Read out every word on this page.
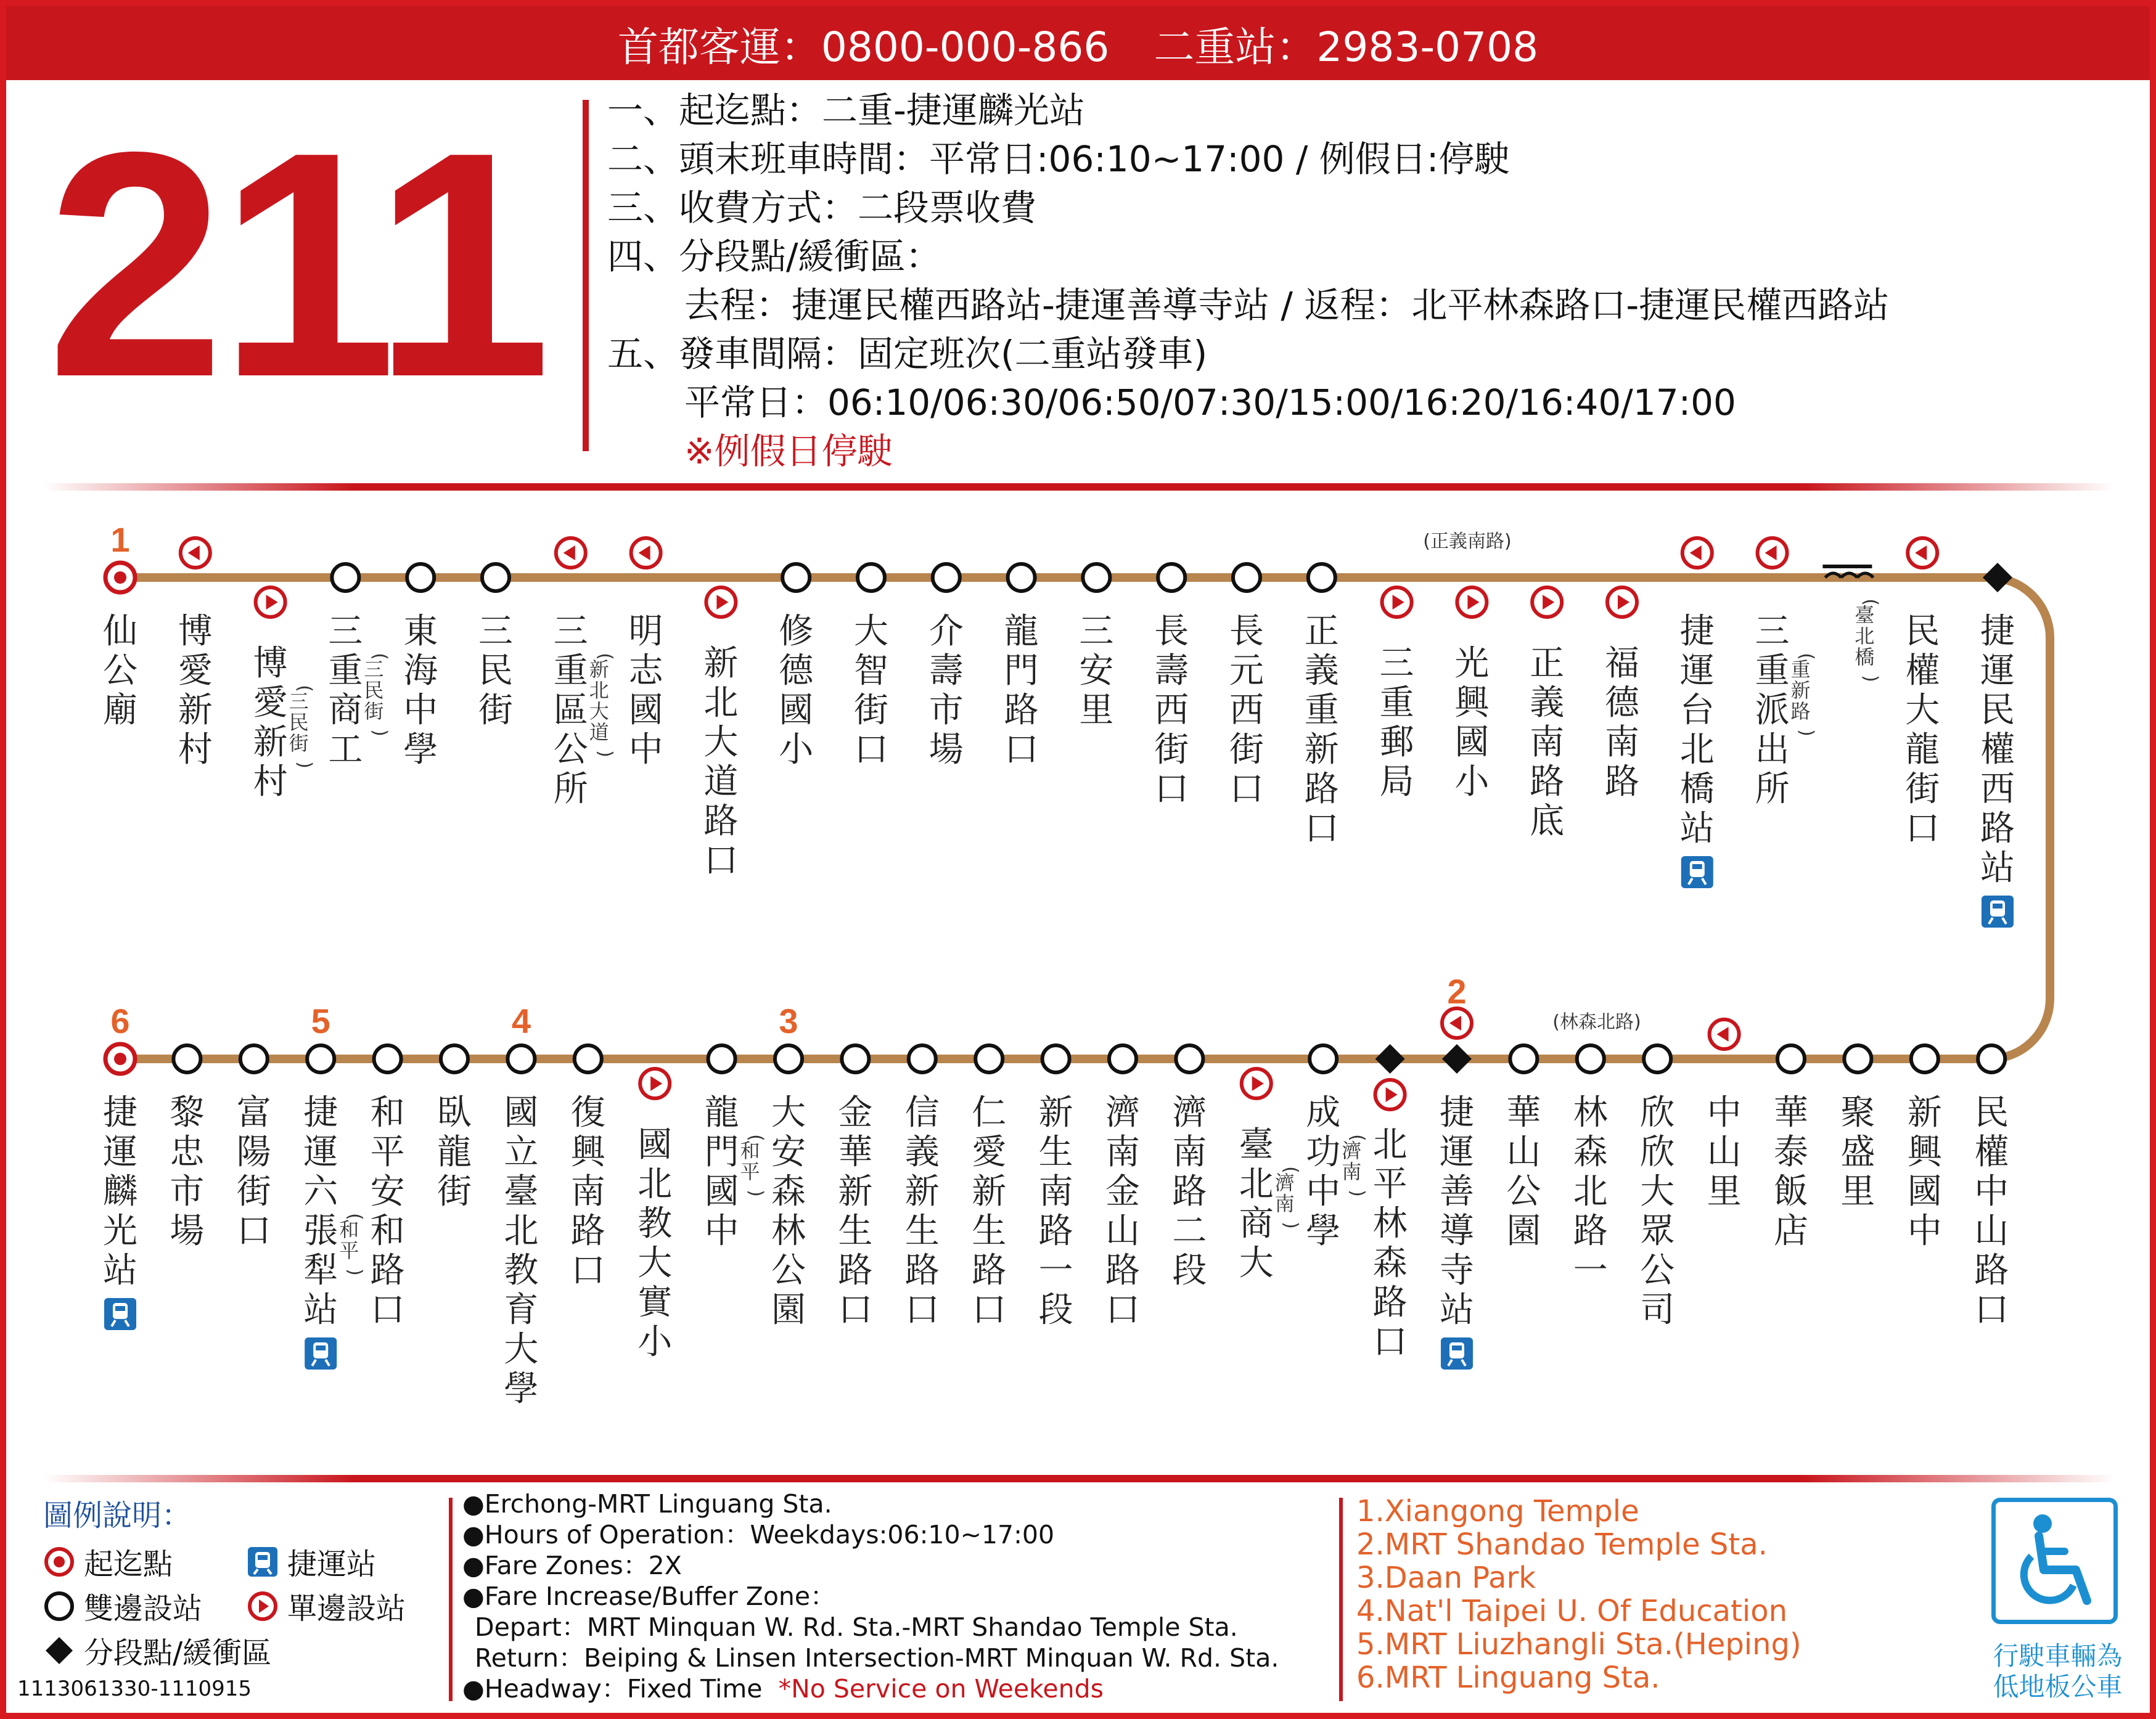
首都客運：0800-000-866 二重站：2983-0708
211	一、起迄點：二重-捷運麟光站
二、頭末班車時間：平常日:06:10~17:00 / 例假日:停駛
三、收費方式：二段票收費
四、分段點/緩衝區：
去程：捷運民權西路站-捷運善導寺站 / 返程：北平林森路口-捷運民權西路站
五、發車間隔：固定班次(二重站發車)
平常日：06:10/06:30/06:50/07:30/15:00/16:20/16:40/17:00
※例假日停駛
1
仙
公
廟
博
愛
新
村
博
愛
新
村
(
三
民
街
)
三
重
商
工
(
三
民
街
)
東
海
中
學
三
民
街
三
重
區
公
所
(
新
北
大
道
)
明
志
國
中
新
北
大
道
路
口
修
德
國
小
大
智
街
口
介
壽
市
場
龍
門
路
口
三
安
里
長
壽
西
街
口
長
元
西
街
口
正
義
重
新
路
口
三
重
郵
局
光
興
國
小
正
義
南
路
底
福
德
南
路
捷
運
台
北
橋
站
三
重
派
出
所
(
重
新
路
)
(
臺
北
橋
)
民
權
大
龍
街
口
捷
運
民
權
西
路
站
6
捷
運
麟
光
站
黎
忠
市
場
富
陽
街
口
5
捷
運
六
張
犁
站
(
和
平
)
和
平
安
和
路
口
臥
龍
街
4
國
立
臺
北
教
育
大
學
復
興
南
路
口
國
北
教
大
實
小
龍
門
國
中
(
和
平
)
3
大
安
森
林
公
園
金
華
新
生
路
口
信
義
新
生
路
口
仁
愛
新
生
路
口
新
生
南
路
一
段
濟
南
金
山
路
口
濟
南
路
二
段
臺
北
商
大
(
濟
南
)
成
功
中
學
(
濟
南
)
北
平
林
森
路
口
2
捷
運
善
導
寺
站
華
山
公
園
林
森
北
路
一
欣
欣
大
眾
公
司
中
山
里
華
泰
飯
店
聚
盛
里
新
興
國
中
民
權
中
山
路
口
(正義南路)
(林森北路)
圖例說明：
起迄點	捷運站
雙邊設站	單邊設站
分段點/緩衝區
1113061330-1110915
●Erchong-MRT Linguang Sta.
●Hours of Operation：Weekdays:06:10~17:00
●Fare Zones：2X
●Fare Increase/Buffer Zone：
Depart：MRT Minquan W. Rd. Sta.-MRT Shandao Temple Sta.
Return：Beiping & Linsen Intersection-MRT Minquan W. Rd. Sta.
●Headway：Fixed Time *No Service on Weekends
1.Xiangong Temple
2.MRT Shandao Temple Sta.
3.Daan Park
4.Nat'l Taipei U. Of Education
5.MRT Liuzhangli Sta.(Heping)
6.MRT Linguang Sta.
行駛車輛為
低地板公車
